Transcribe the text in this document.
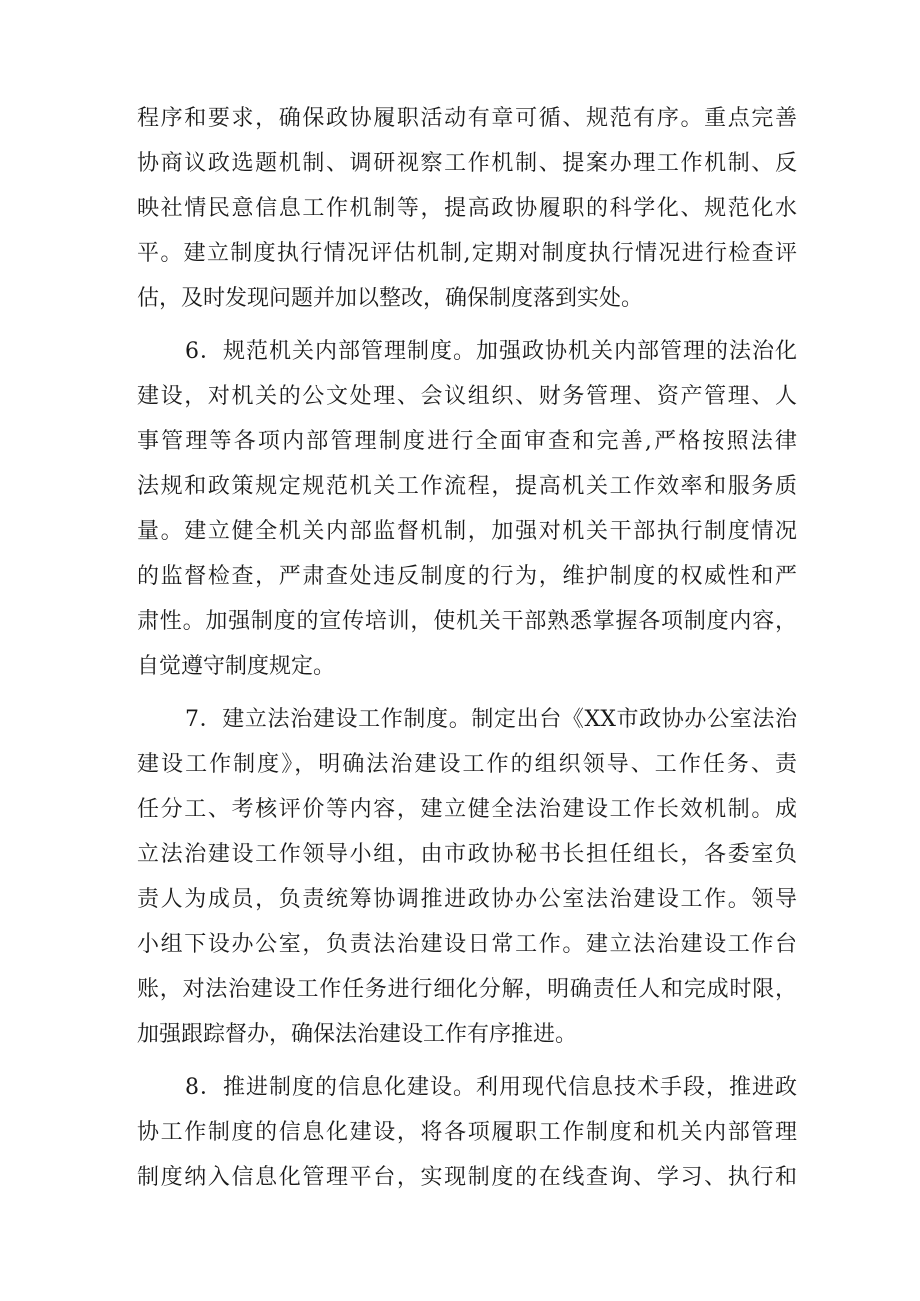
程序和要求，确保政协履职活动有章可循、规范有序。重点完善
协商议政选题机制、调研视察工作机制、提案办理工作机制、反
映社情民意信息工作机制等，提高政协履职的科学化、规范化水
平。建立制度执行情况评估机制,定期对制度执行情况进行检查评
估，及时发现问题并加以整改，确保制度落到实处。
6．规范机关内部管理制度。加强政协机关内部管理的法治化
建设，对机关的公文处理、会议组织、财务管理、资产管理、人
事管理等各项内部管理制度进行全面审查和完善,严格按照法律
法规和政策规定规范机关工作流程，提高机关工作效率和服务质
量。建立健全机关内部监督机制，加强对机关干部执行制度情况
的监督检查，严肃查处违反制度的行为，维护制度的权威性和严
肃性。加强制度的宣传培训，使机关干部熟悉掌握各项制度内容，
自觉遵守制度规定。
7．建立法治建设工作制度。制定出台《XX市政协办公室法治
建设工作制度》，明确法治建设工作的组织领导、工作任务、责
任分工、考核评价等内容，建立健全法治建设工作长效机制。成
立法治建设工作领导小组，由市政协秘书长担任组长，各委室负
责人为成员，负责统筹协调推进政协办公室法治建设工作。领导
小组下设办公室，负责法治建设日常工作。建立法治建设工作台
账，对法治建设工作任务进行细化分解，明确责任人和完成时限，
加强跟踪督办，确保法治建设工作有序推进。
8．推进制度的信息化建设。利用现代信息技术手段，推进政
协工作制度的信息化建设，将各项履职工作制度和机关内部管理
制度纳入信息化管理平台，实现制度的在线查询、学习、执行和
